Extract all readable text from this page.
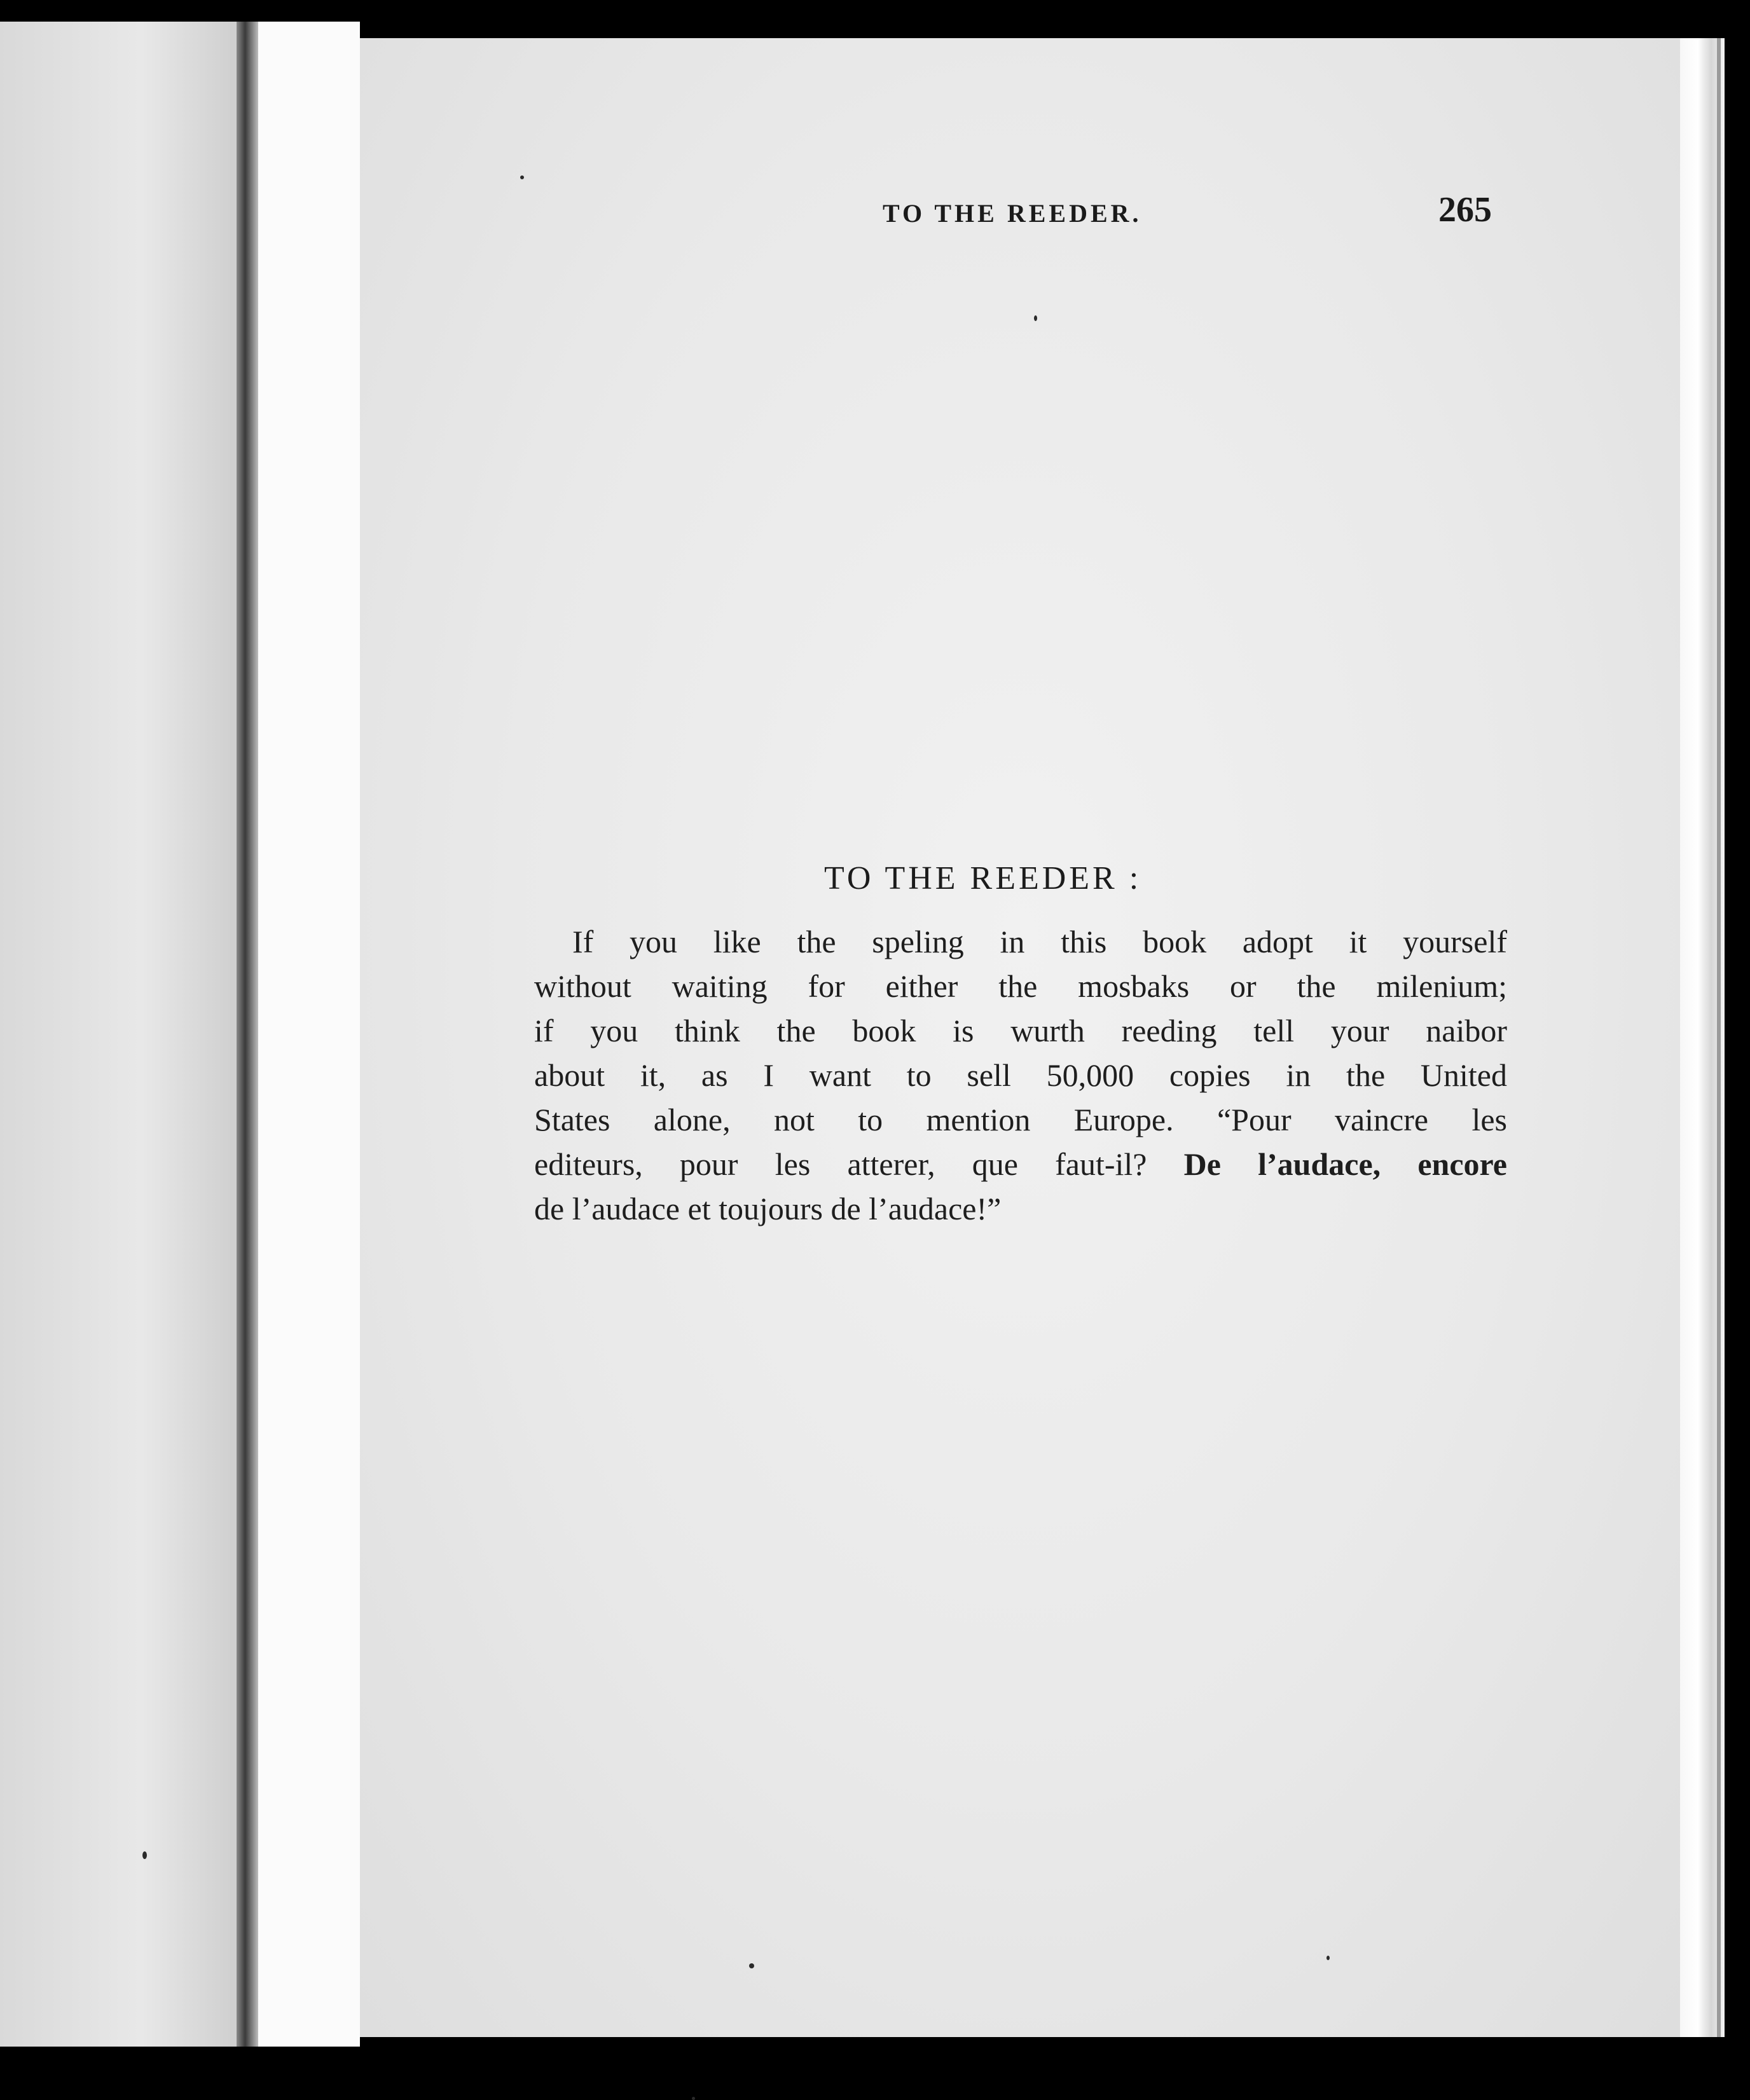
TO THE REEDER.	265
TO THE REEDER :
If you like the speling in this book adopt it yourself
without waiting for either the mosbaks or the milenium;
if you think the book is wurth reeding tell your naibor
about it, as I want to sell 50,000 copies in the United
States alone, not to mention Europe. “Pour vaincre les
editeurs, pour les atterer, que faut-il? De l’audace, encore
de l’audace et toujours de l’audace!”
